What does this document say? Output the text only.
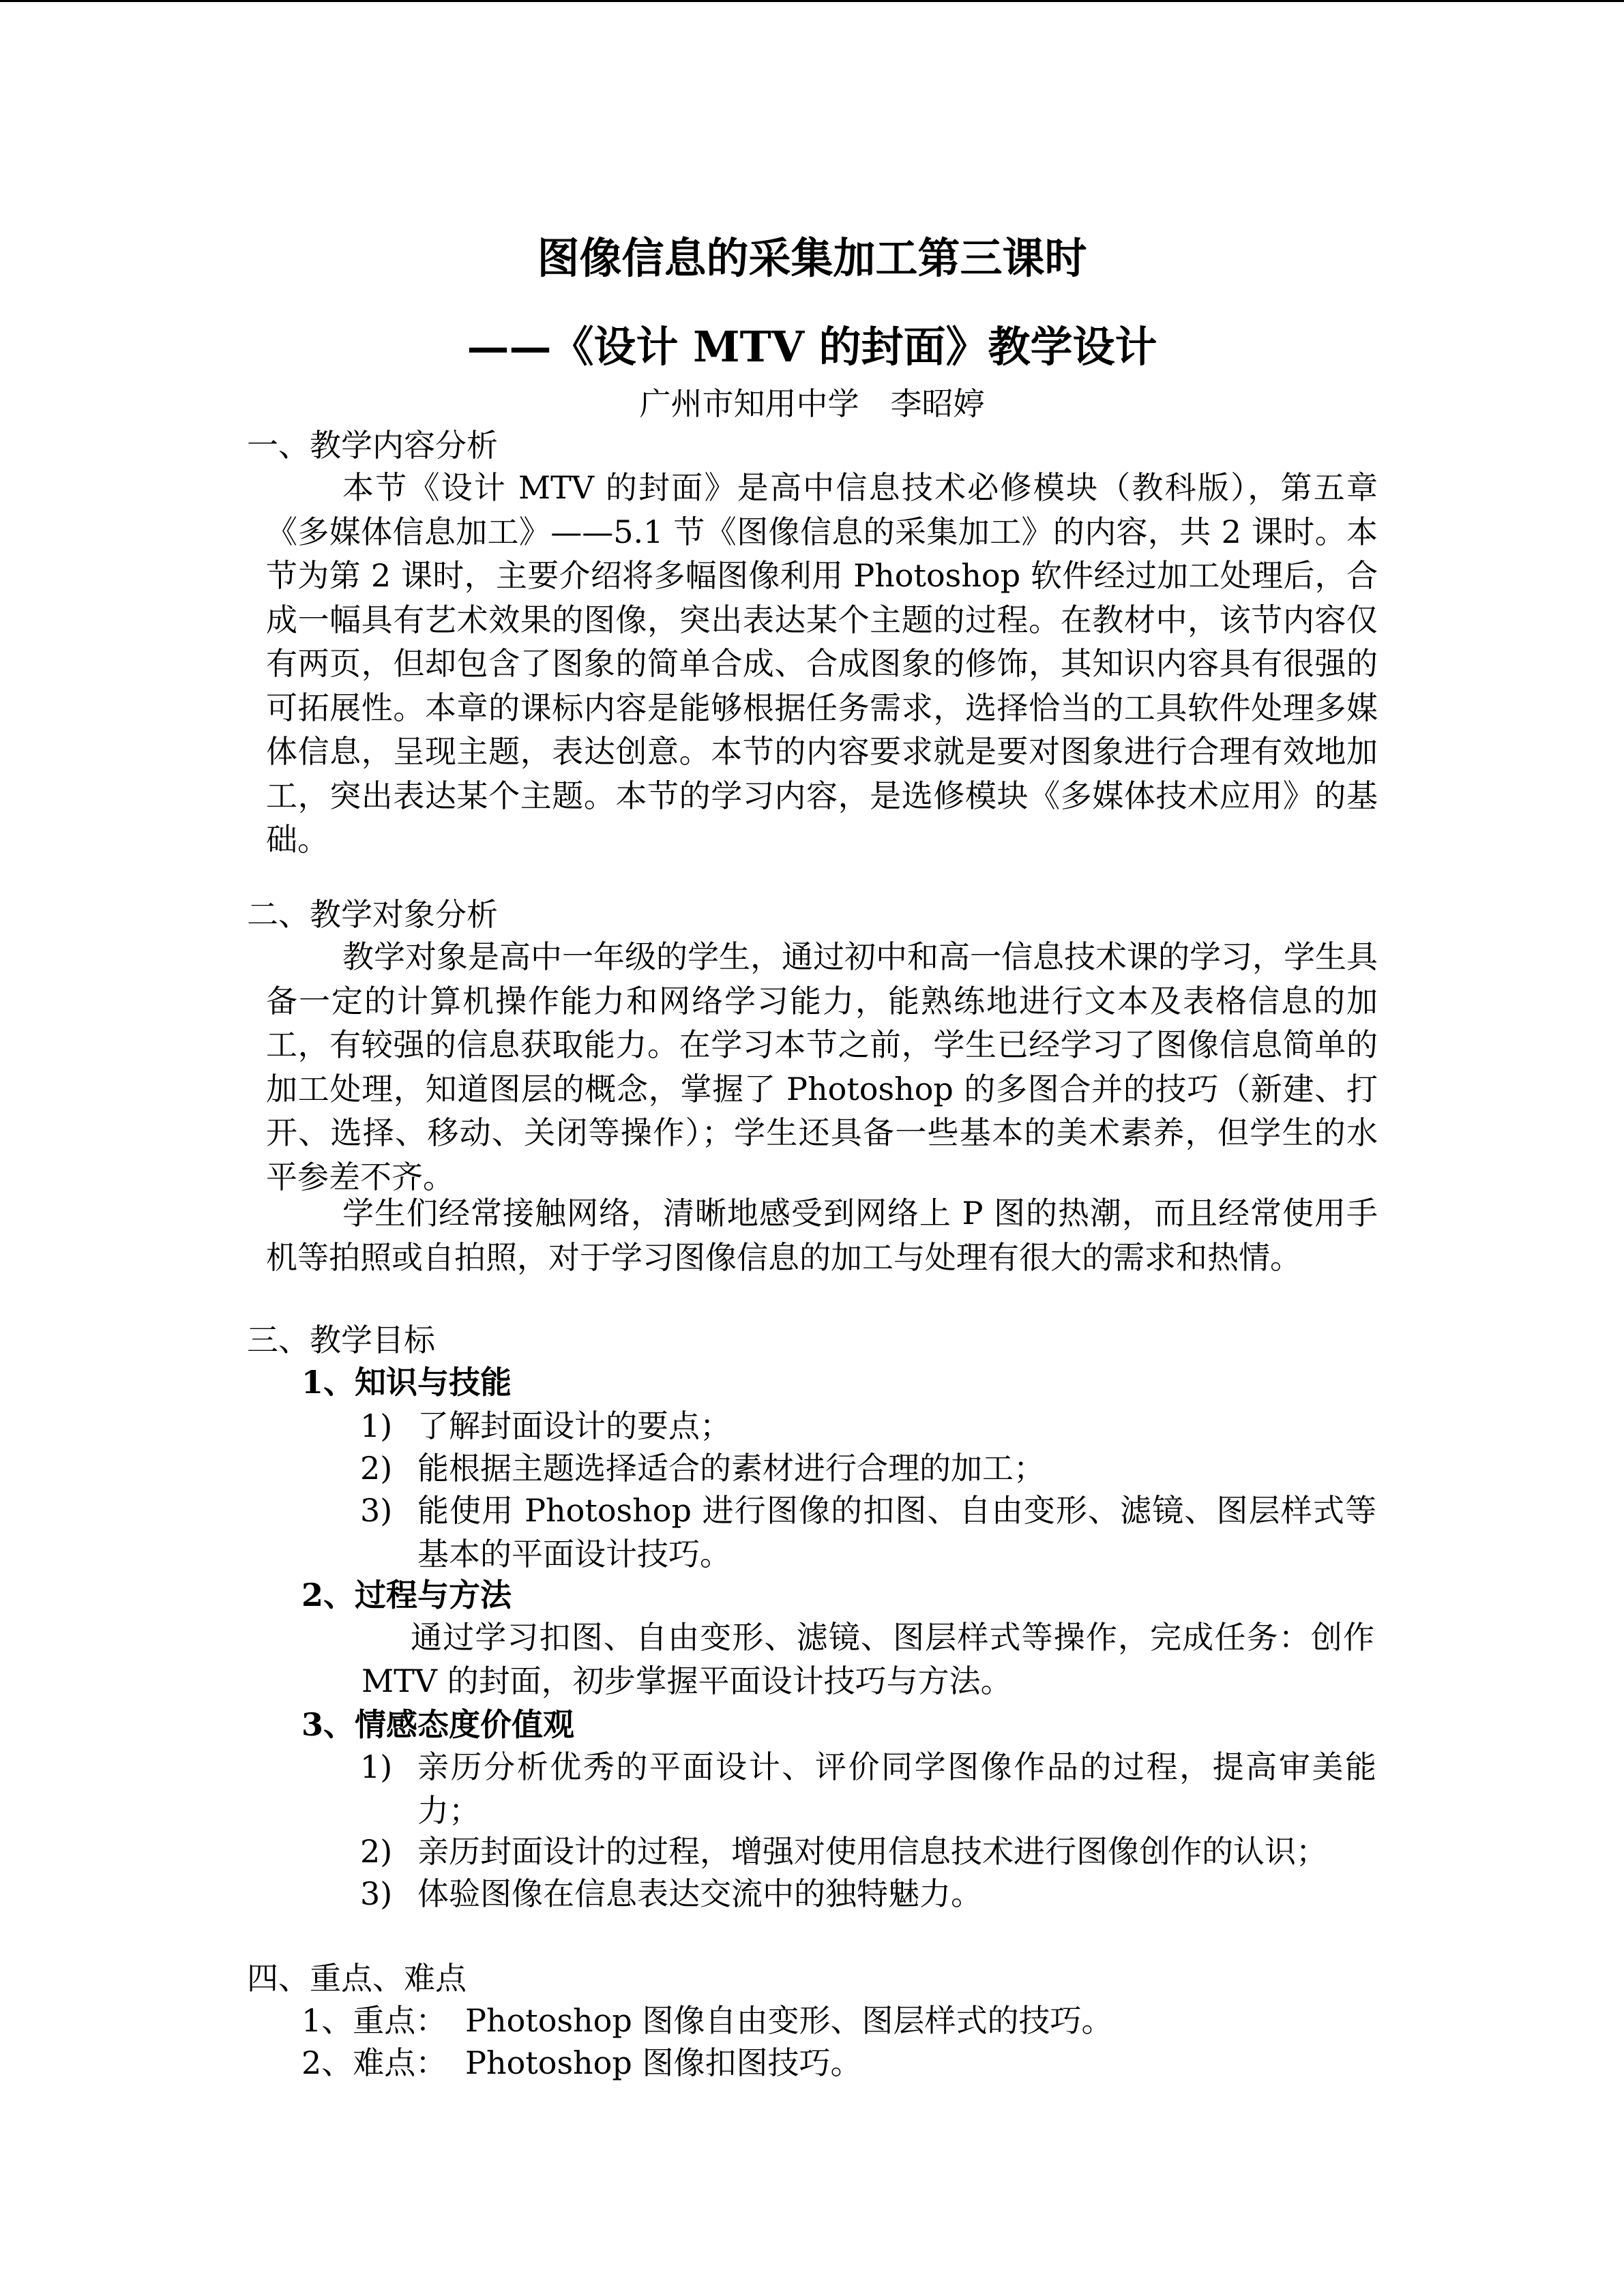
图像信息的采集加工第三课时
——《设计 MTV 的封面》教学设计
广州市知用中学　李昭婷
一、教学内容分析

本节《设计 MTV 的封面》是高中信息技术必修模块（教科版），第五章《多媒体信息加工》——5.1 节《图像信息的采集加工》的内容，共 2 课时。本节为第 2 课时，主要介绍将多幅图像利用 Photoshop 软件经过加工处理后，合成一幅具有艺术效果的图像，突出表达某个主题的过程。在教材中，该节内容仅有两页，但却包含了图象的简单合成、合成图象的修饰，其知识内容具有很强的可拓展性。本章的课标内容是能够根据任务需求，选择恰当的工具软件处理多媒体信息，呈现主题，表达创意。本节的内容要求就是要对图象进行合理有效地加工，突出表达某个主题。本节的学习内容，是选修模块《多媒体技术应用》的基础。

二、教学对象分析

教学对象是高中一年级的学生，通过初中和高一信息技术课的学习，学生具备一定的计算机操作能力和网络学习能力，能熟练地进行文本及表格信息的加工，有较强的信息获取能力。在学习本节之前，学生已经学习了图像信息简单的加工处理，知道图层的概念，掌握了 Photoshop 的多图合并的技巧（新建、打开、选择、移动、关闭等操作）；学生还具备一些基本的美术素养，但学生的水平参差不齐。

学生们经常接触网络，清晰地感受到网络上 P 图的热潮，而且经常使用手机等拍照或自拍照，对于学习图像信息的加工与处理有很大的需求和热情。

三、教学目标
1、知识与技能
1) 了解封面设计的要点；
2) 能根据主题选择适合的素材进行合理的加工；
3) 能使用 Photoshop 进行图像的扣图、自由变形、滤镜、图层样式等基本的平面设计技巧。
2、过程与方法

通过学习扣图、自由变形、滤镜、图层样式等操作，完成任务：创作 MTV 的封面，初步掌握平面设计技巧与方法。

3、情感态度价值观
1) 亲历分析优秀的平面设计、评价同学图像作品的过程，提高审美能力；
2) 亲历封面设计的过程，增强对使用信息技术进行图像创作的认识；
3) 体验图像在信息表达交流中的独特魅力。
四、重点、难点
1、重点： Photoshop 图像自由变形、图层样式的技巧。
2、难点： Photoshop 图像扣图技巧。
